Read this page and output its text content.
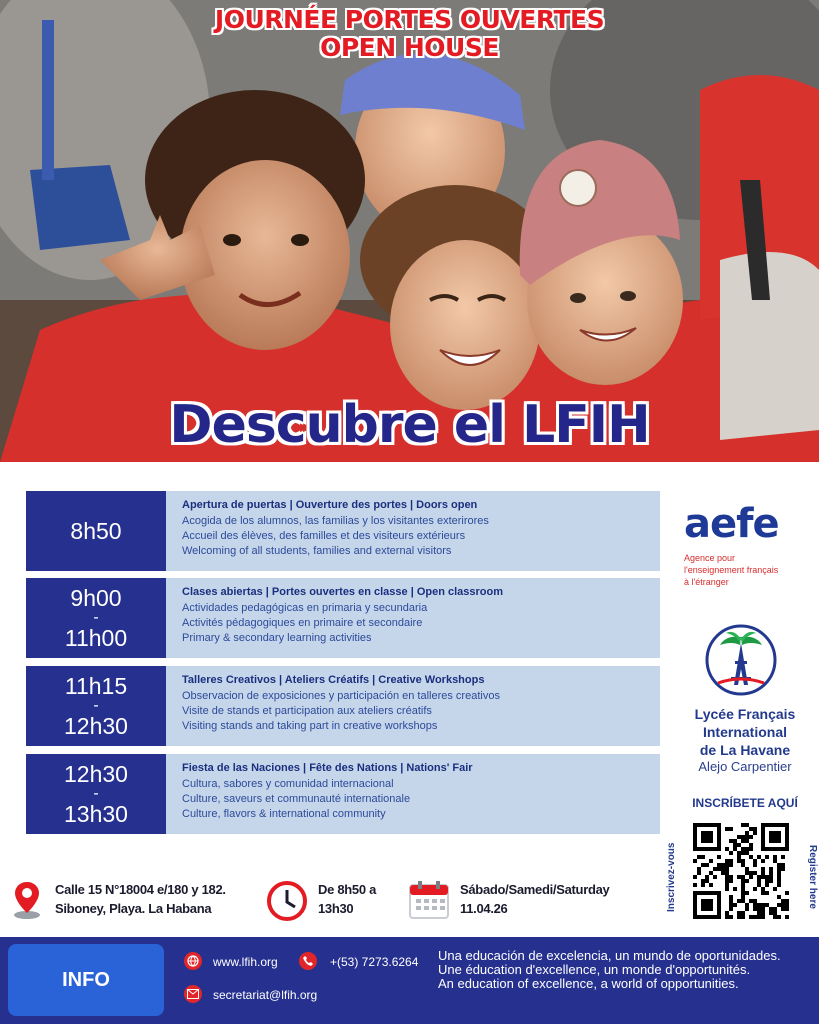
JOURNÉE PORTES OUVERTES
OPEN HOUSE
Descubre el LFIH
8h50
Apertura de puertas | Ouverture des portes | Doors open
Acogida de los alumnos, las familias y los visitantes exterirores
Accueil des élèves, des familles et des visiteurs extérieurs
Welcoming of all students, families and external visitors
9h00
-
11h00
Clases abiertas | Portes ouvertes en classe | Open classroom
Actividades pedagógicas en primaria y secundaria
Activités pédagogiques en primaire et secondaire
Primary & secondary learning activities
11h15
-
12h30
Talleres Creativos | Ateliers Créatifs | Creative Workshops
Observacion de exposiciones y participación en talleres creativos
Visite de stands et participation aux ateliers créatifs
Visiting stands and taking part in creative workshops
12h30
-
13h30
Fiesta de las Naciones | Fête des Nations | Nations' Fair
Cultura, sabores y comunidad internacional
Culture, saveurs et communauté internationale
Culture, flavors & international community
aefe
Agence pour
l'enseignement français
à l'étranger
Lycée Français
International
de La Havane
Alejo Carpentier
INSCRÍBETE AQUÍ
Inscrivez-vous	Register here
Calle 15 N°18004 e/180 y 182.
Siboney, Playa. La Habana
De 8h50 a
13h30
Sábado/Samedi/Saturday
11.04.26
INFO
www.lfih.org	+(53) 7273.6264
secretariat@lfih.org
Una educación de excelencia, un mundo de oportunidades.
Une éducation d'excellence, un monde d'opportunités.
An education of excellence, a world of opportunities.
